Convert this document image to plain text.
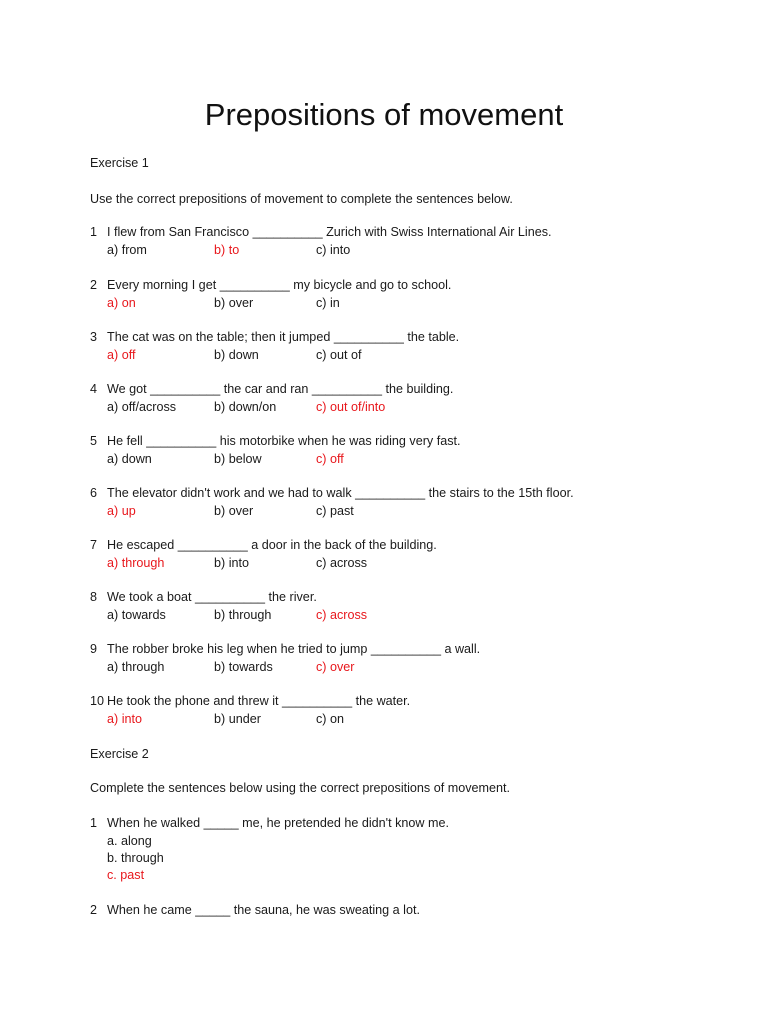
Prepositions of movement
Exercise 1
Use the correct prepositions of movement to complete the sentences below.
1 I flew from San Francisco __________ Zurich with Swiss International Air Lines.
a) from	b) to	c) into
2 Every morning I get __________ my bicycle and go to school.
a) on	b) over	c) in
3 The cat was on the table; then it jumped __________ the table.
a) off	b) down	c) out of
4 We got __________ the car and ran __________ the building.
a) off/across	b) down/on	c) out of/into
5 He fell __________ his motorbike when he was riding very fast.
a) down	b) below	c) off
6 The elevator didn't work and we had to walk __________ the stairs to the 15th floor.
a) up	b) over	c) past
7 He escaped __________ a door in the back of the building.
a) through	b) into	c) across
8 We took a boat __________ the river.
a) towards	b) through	c) across
9 The robber broke his leg when he tried to jump __________ a wall.
a) through	b) towards	c) over
10 He took the phone and threw it __________ the water.
a) into	b) under	c) on
Exercise 2
Complete the sentences below using the correct prepositions of movement.
1 When he walked _____ me, he pretended he didn't know me.
a. along
b. through
c. past
2 When he came _____ the sauna, he was sweating a lot.
